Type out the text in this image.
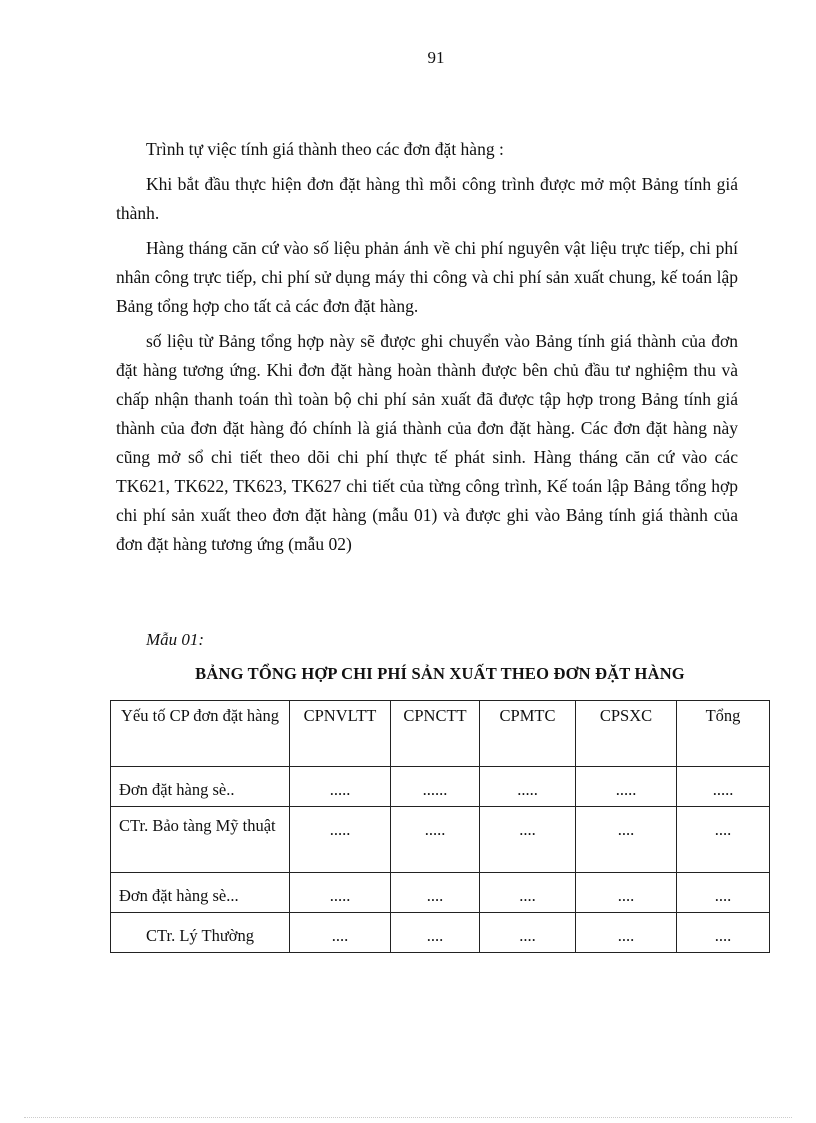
91

Trình tự việc tính giá thành theo các đơn đặt hàng :

Khi bắt đầu thực hiện đơn đặt hàng thì mỗi công trình được mở một Bảng tính giá thành.

Hàng tháng căn cứ vào số liệu phản ánh về chi phí nguyên vật liệu trực tiếp, chi phí nhân công trực tiếp, chi phí sử dụng máy thi công và chi phí sản xuất chung, kế toán lập Bảng tổng hợp cho tất cả các đơn đặt hàng.

số liệu từ Bảng tổng hợp này sẽ được ghi chuyển vào Bảng tính giá thành của đơn đặt hàng tương ứng. Khi đơn đặt hàng hoàn thành được bên chủ đầu tư nghiệm thu và chấp nhận thanh toán thì toàn bộ chi phí sản xuất đã được tập hợp trong Bảng tính giá thành của đơn đặt hàng đó chính là giá thành của đơn đặt hàng. Các đơn đặt hàng này cũng mở sổ chi tiết theo dõi chi phí thực tế phát sinh. Hàng tháng căn cứ vào các TK621, TK622, TK623, TK627 chi tiết của từng công trình, Kế toán lập Bảng tổng hợp chi phí sản xuất theo đơn đặt hàng (mẫu 01) và được ghi vào Bảng tính giá thành của đơn đặt hàng tương ứng (mẫu 02)

Mẫu 01:
BẢNG TỔNG HỢP CHI PHÍ SẢN XUẤT THEO ĐƠN ĐẶT HÀNG
Yếu tố CP đơn đặt hàng	CPNVLTT	CPNCTT	CPMTC	CPSXC	Tổng
Đơn đặt hàng sè..	.....	......	.....	.....	.....
CTr. Bảo tàng Mỹ thuật	.....	.....	....	....	....
Đơn đặt hàng sè...	.....	....	....	....	....
CTr. Lý Thường	....	....	....	....	....
